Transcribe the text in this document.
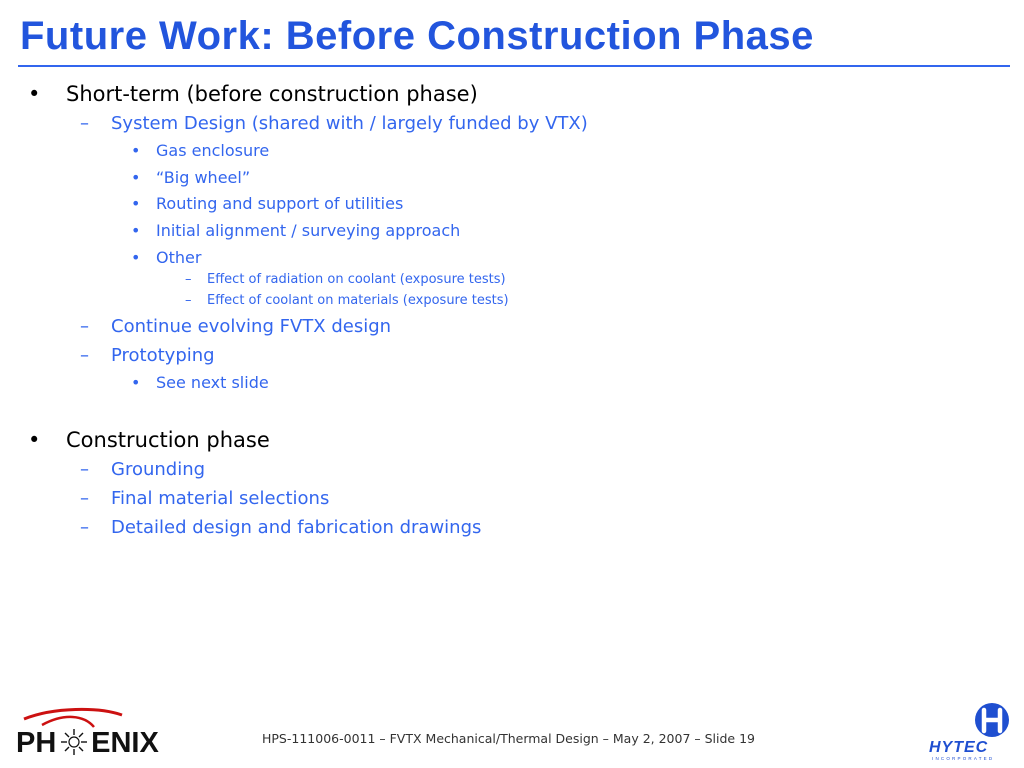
Future Work: Before Construction Phase
• Short-term (before construction phase)
– System Design (shared with / largely funded by VTX)
• Gas enclosure
• “Big wheel”
• Routing and support of utilities
• Initial alignment / surveying approach
• Other
– Effect of radiation on coolant (exposure tests)
– Effect of coolant on materials (exposure tests)
– Continue evolving FVTX design
– Prototyping
• See next slide
• Construction phase
– Grounding
– Final material selections
– Detailed design and fabrication drawings
PH      ENIX	HPS-111006-0011 – FVTX Mechanical/Thermal Design – May 2, 2007 – Slide 19
HYTEC
INCORPORATED
